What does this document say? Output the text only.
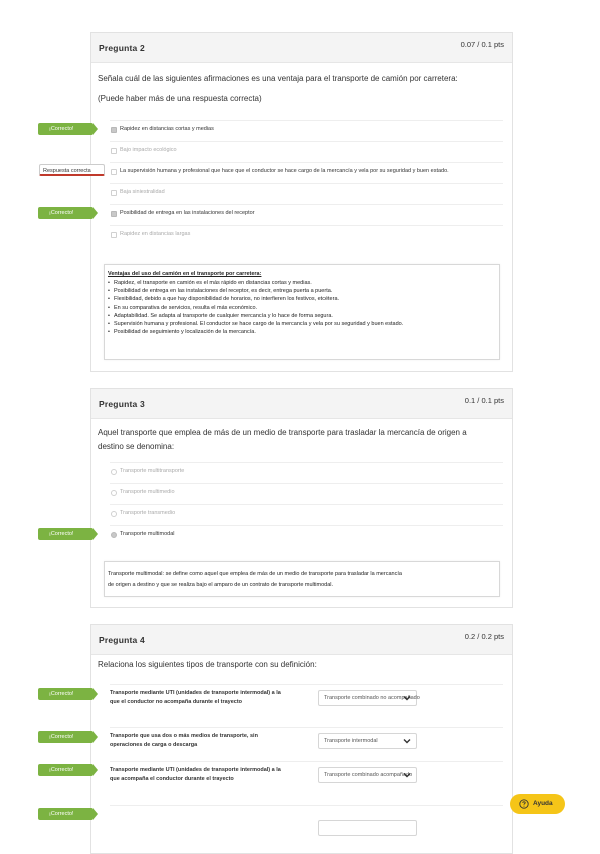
Pregunta 2	0.07 / 0.1 pts
Señala cuál de las siguientes afirmaciones es una ventaja para el transporte de camión por carretera:
(Puede haber más de una respuesta correcta)
¡Correcto!	Rapidez en distancias cortas y medias
Bajo impacto ecológico
Respuesta correcta	La supervisión humana y profesional que hace que el conductor se hace cargo de la mercancía y vela por su seguridad y buen estado.
Baja siniestralidad
¡Correcto!	Posibilidad de entrega en las instalaciones del receptor
Rapidez en distancias largas
Ventajas del uso del camión en el transporte por carretera:
• Rapidez, el transporte en camión es el más rápido en distancias cortas y medias.
• Posibilidad de entrega en las instalaciones del receptor, es decir, entrega puerta a puerta.
• Flexibilidad, debido a que hay disponibilidad de horarios, no interfieren los festivos, etcétera.
• En su comparativa de servicios, resulta el más económico.
• Adaptabilidad. Se adapta al transporte de cualquier mercancía y lo hace de forma segura.
• Supervisión humana y profesional. El conductor se hace cargo de la mercancía y vela por su seguridad y buen estado.
• Posibilidad de seguimiento y localización de la mercancía.
Pregunta 3	0.1 / 0.1 pts
Aquel transporte que emplea de más de un medio de transporte para trasladar la mercancía de origen a
destino se denomina:
Transporte multitransporte
Transporte multimedio
Transporte transmedio
¡Correcto!	Transporte multimodal
Transporte multimodal: se define como aquel que emplea de más de un medio de transporte para trasladar la mercancía
de origen a destino y que se realiza bajo el amparo de un contrato de transporte multimodal.
Pregunta 4	0.2 / 0.2 pts
Relaciona los siguientes tipos de transporte con su definición:
¡Correcto!	Transporte mediante UTI (unidades de transporte intermodal) a la que el conductor no acompaña durante el trayecto
Transporte combinado no acompañado
¡Correcto!	Transporte que usa dos o más medios de transporte, sin operaciones de carga o descarga
Transporte intermodal
¡Correcto!	Transporte mediante UTI (unidades de transporte intermodal) a la que acompaña el conductor durante el trayecto
Transporte combinado acompañado
¡Correcto!
Ayuda
